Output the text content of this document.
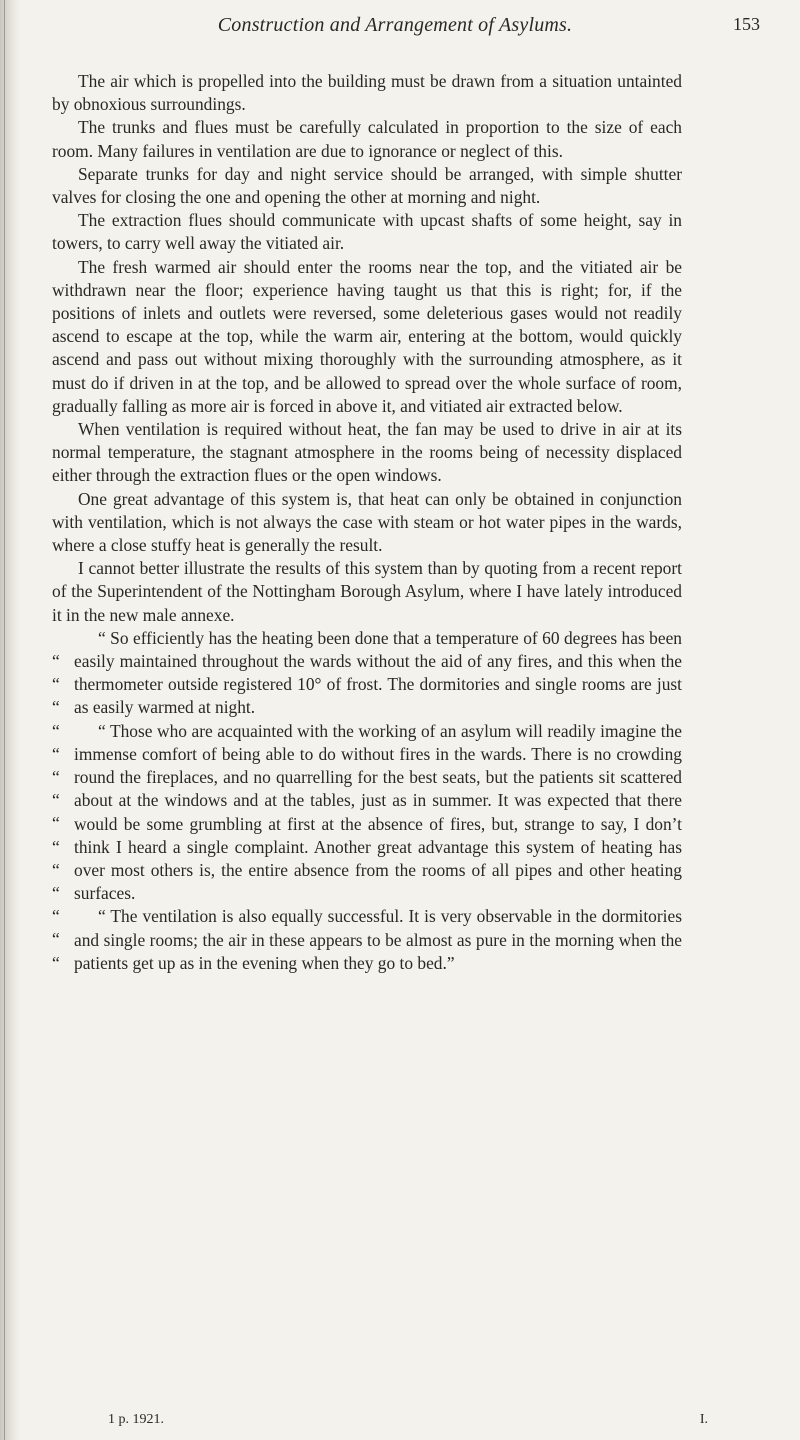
Construction and Arrangement of Asylums.	153

The air which is propelled into the building must be drawn from a situation untainted by obnoxious surroundings.

The trunks and flues must be carefully calculated in proportion to the size of each room. Many failures in ventilation are due to ignorance or neglect of this.

Separate trunks for day and night service should be arranged, with simple shutter valves for closing the one and opening the other at morning and night.

The extraction flues should communicate with upcast shafts of some height, say in towers, to carry well away the vitiated air.

The fresh warmed air should enter the rooms near the top, and the vitiated air be withdrawn near the floor; experience having taught us that this is right; for, if the positions of inlets and outlets were reversed, some deleterious gases would not readily ascend to escape at the top, while the warm air, entering at the bottom, would quickly ascend and pass out without mixing thoroughly with the surrounding atmosphere, as it must do if driven in at the top, and be allowed to spread over the whole surface of room, gradually falling as more air is forced in above it, and vitiated air extracted below.

When ventilation is required without heat, the fan may be used to drive in air at its normal temperature, the stagnant atmosphere in the rooms being of necessity displaced either through the extraction flues or the open windows.

One great advantage of this system is, that heat can only be obtained in conjunction with ventilation, which is not always the case with steam or hot water pipes in the wards, where a close stuffy heat is generally the result.

I cannot better illustrate the results of this system than by quoting from a recent report of the Superintendent of the Nottingham Borough Asylum, where I have lately introduced it in the new male annexe.

“ So efficiently has the heating been done that a temperature of 60 degrees has been easily maintained throughout the wards without the aid of any fires, and this when the thermometer outside registered 10° of frost. The dormitories and single rooms are just as easily warmed at night.

“ Those who are acquainted with the working of an asylum will readily imagine the immense comfort of being able to do without fires in the wards. There is no crowding round the fireplaces, and no quarrelling for the best seats, but the patients sit scattered about at the windows and at the tables, just as in summer. It was expected that there would be some grumbling at first at the absence of fires, but, strange to say, I don’t think I heard a single complaint. Another great advantage this system of heating has over most others is, the entire absence from the rooms of all pipes and other heating surfaces.

“ The ventilation is also equally successful. It is very observable in the dormitories and single rooms; the air in these appears to be almost as pure in the morning when the patients get up as in the evening when they go to bed.”

“
“
“
“
“
“
“
“
“
“
“
“
“
“
1 p. 1921.	I.
